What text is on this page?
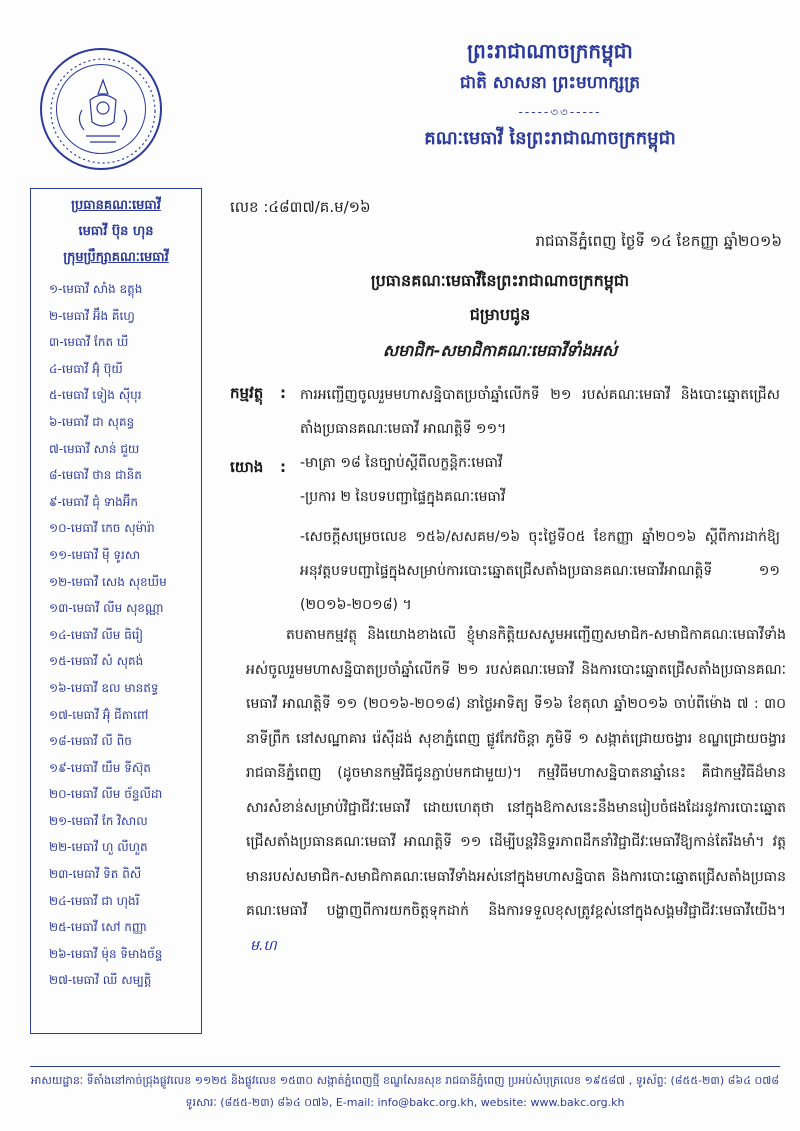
ព្រះរាជាណាចក្រកម្ពុជា
ជាតិ សាសនា ព្រះមហាក្សត្រ
-----৩৩-----
គណៈមេធាវី នៃព្រះរាជាណាចក្រកម្ពុជា
ប្រធានគណៈមេធាវី
មេធាវី ប៊ុន ហុន
ក្រុមប្រឹក្សាគណៈមេធាវី
១-មេធាវី សាំង ឧត្តុង
២-មេធាវី អ៊ឹង គីហ្វេ
៣-មេធាវី កែត ឃី
៤-មេធាវី អ៊ុំ ប៊ុយី
៥-មេធាវី ទៀង ស៊ីបុរ
៦-មេធាវី ជា សុគន្ធ
៧-មេធាវី សាន់ ជួយ
៨-មេធាវី ថាន ជានិត
៩-មេធាវី ជុំ ទាងអ៊ីក
១០-មេធាវី កេច សុម៉ារ៉ា
១១-មេធាវី ម៉ី ទូរសា
១២-មេធាវី សេង សុខឃីម
១៣-មេធាវី លីម សុខណ្ណា
១៤-មេធាវី លីម ធិរ៉ៀ
១៥-មេធាវី សំ សុគង់
១៦-មេធាវី ឧល មានឥទ្ធ
១៧-មេធាវី អ៊ុំ ជីតាពៅ
១៨-មេធាវី លី ពិច
១៩-មេធាវី យឹម ទីស៊ុត
២០-មេធាវី លីម ច័ន្ទលីដា
២១-មេធាវី កែ វិសាល
២២-មេធាវី ហួ លីហួត
២៣-មេធាវី ទិត ពិសី
២៤-មេធាវី ជា ហុងរី
២៥-មេធាវី សៅ កញ្ញា
២៦-មេធាវី ម៉ុន ទិមាងច័ន្ទ
២៧-មេធាវី ឈី សម្បត្តិ
លេខ :៤៨៣៧/គ.ម/១៦
រាជធានីភ្នំពេញ ថ្ងៃទី ១៤ ខែកញ្ញា ឆ្នាំ២០១៦
ប្រធានគណៈមេធាវីនៃព្រះរាជាណាចក្រកម្ពុជា
ជម្រាបជូន
សមាជិក-សមាជិកាគណៈមេធាវីទាំងអស់
កម្មវត្ថុ : ការអញ្ជើញចូលរួមមហាសន្និបាតប្រចាំឆ្នាំលើកទី ២១ របស់គណៈមេធាវី និងបោះឆ្នោតជ្រើសតាំងប្រធានគណៈមេធាវី អាណត្តិទី ១១។
យោង : -មាត្រា ១៨ នៃច្បាប់ស្តីពីលក្ខន្តិកៈមេធាវី
-ប្រការ ២ នៃបទបញ្ជាផ្ទៃក្នុងគណៈមេធាវី
-សេចក្តីសម្រេចលេខ ១៥៦/សសគម/១៦ ចុះថ្ងៃទី០៥ ខែកញ្ញា ឆ្នាំ២០១៦ ស្តីពីការដាក់ឱ្យអនុវត្តបទបញ្ជាផ្ទៃក្នុងសម្រាប់ការបោះឆ្នោតជ្រើសតាំងប្រធានគណៈមេធាវីអាណត្តិទី ១១ (២០១៦-២០១៨) ។
តបតាមកម្មវត្ថុ និងយោងខាងលើ ខ្ញុំមានកិត្តិយសសូមអញ្ជើញសមាជិក-សមាជិកាគណៈមេធាវីទាំងអស់ចូលរួមមហាសន្និបាតប្រចាំឆ្នាំលើកទី ២១ របស់គណៈមេធាវី និងការបោះឆ្នោតជ្រើសតាំងប្រធានគណៈមេធាវី អាណត្តិទី ១១ (២០១៦-២០១៨) នាថ្ងៃអាទិត្យ ទី១៦ ខែតុលា ឆ្នាំ២០១៦ ចាប់ពីម៉ោង ៧ : ៣០ នាទីព្រឹក នៅសណ្ឋាគារ រ៉េស៊ីដង់ សុខាភ្នំពេញ ផ្លូវកែវចិន្តា ភូមិទី ១ សង្កាត់ជ្រោយចង្វារ ខណ្ឌជ្រោយចង្វារ រាជធានីភ្នំពេញ (ដូចមានកម្មវិធីជូនភ្ជាប់មកជាមួយ)។ កម្មវិធីមហាសន្និបាតនាឆ្នាំនេះ គឺជាកម្មវិធីដ៏មានសារសំខាន់សម្រាប់វិជ្ជាជីវៈមេធាវី ដោយហេតុថា នៅក្នុងឱកាសនេះនឹងមានរៀបចំផងដែរនូវការបោះឆ្នោតជ្រើសតាំងប្រធានគណៈមេធាវី អាណត្តិទី ១១ ដើម្បីបន្តវិនិទ្ទរភាពដឹកនាំវិជ្ជាជីវៈមេធាវីឱ្យកាន់តែរឹងមាំ។ វត្តមានរបស់សមាជិក-សមាជិកាគណៈមេធាវីទាំងអស់នៅក្នុងមហាសន្និបាត និងការបោះឆ្នោតជ្រើសតាំងប្រធានគណៈមេធាវី បង្ហាញពីការយកចិត្តទុកដាក់ និងការទទួលខុសត្រូវខ្ពស់នៅក្នុងសង្គមវិជ្ជាជីវៈមេធាវីយើង។ម.ហ
អាសយដ្ឋានៈ ទីតាំងនៅកាច់ជ្រុងផ្លូវលេខ ១១២៥ និងផ្លូវលេខ ១៥៣០ សង្កាត់ភ្នំពេញថ្មី ខណ្ឌសែនសុខ រាជធានីភ្នំពេញ ប្រអប់សំបុត្រលេខ ១៩៥៨៧ , ទូរស័ព្ទៈ (៨៥៥-២៣) ៨៦៤ ០៧៨
ទូរសារៈ (៨៥៥-២៣) ៨៦៤ ០៧៦, E-mail: info@bakc.org.kh, website: www.bakc.org.kh
